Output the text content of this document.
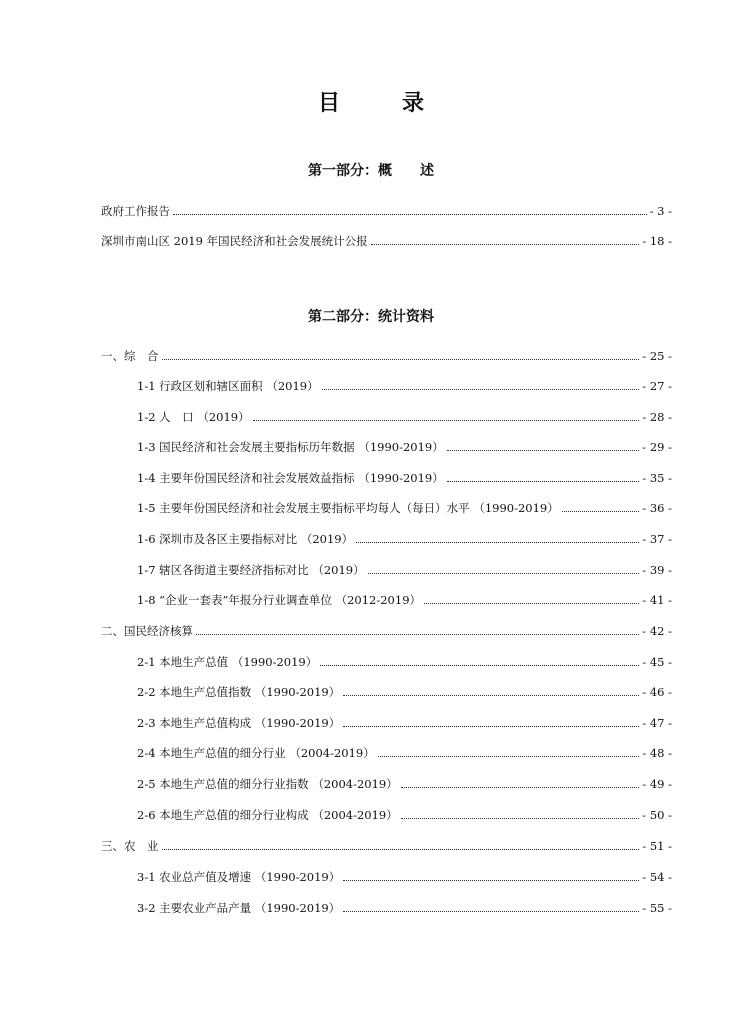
目　录
第一部分：概　　述
政府工作报告	- 3 -
深圳市南山区 2019 年国民经济和社会发展统计公报	- 18 -
第二部分：统计资料
一、综　合	- 25 -
1-1 行政区划和辖区面积 （2019）	- 27 -
1-2 人　口 （2019）	- 28 -
1-3 国民经济和社会发展主要指标历年数据 （1990-2019）	- 29 -
1-4 主要年份国民经济和社会发展效益指标 （1990-2019）	- 35 -
1-5 主要年份国民经济和社会发展主要指标平均每人（每日）水平 （1990-2019）	- 36 -
1-6 深圳市及各区主要指标对比 （2019）	- 37 -
1-7 辖区各街道主要经济指标对比 （2019）	- 39 -
1-8 “企业一套表”年报分行业调查单位 （2012-2019）	- 41 -
二、国民经济核算	- 42 -
2-1 本地生产总值 （1990-2019）	- 45 -
2-2 本地生产总值指数 （1990-2019）	- 46 -
2-3 本地生产总值构成 （1990-2019）	- 47 -
2-4 本地生产总值的细分行业 （2004-2019）	- 48 -
2-5 本地生产总值的细分行业指数 （2004-2019）	- 49 -
2-6 本地生产总值的细分行业构成 （2004-2019）	- 50 -
三、农　业	- 51 -
3-1 农业总产值及增速 （1990-2019）	- 54 -
3-2 主要农业产品产量 （1990-2019）	- 55 -
